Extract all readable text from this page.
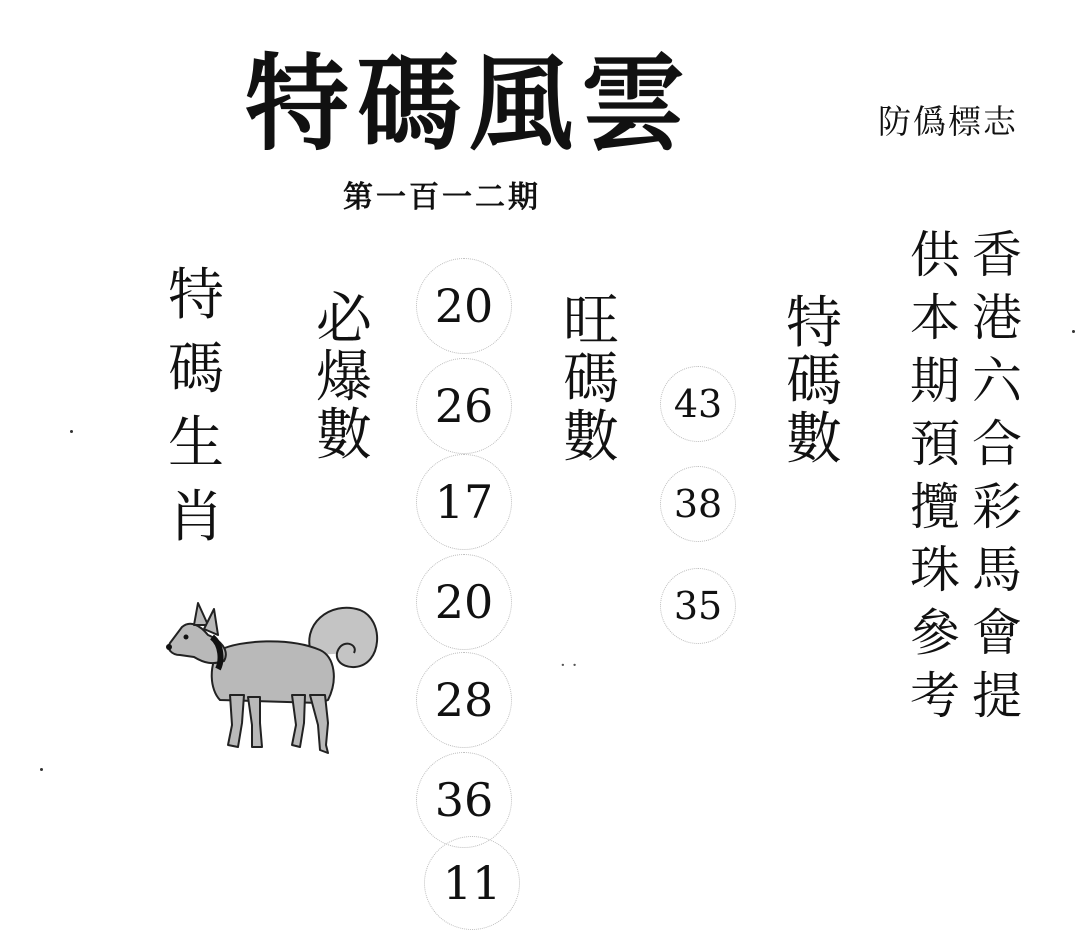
特碼風雲	防僞標志
第一百一二期
特
碼
生
肖
必
爆
數
20
26
17
20
28
36
11
旺
碼
數
··
43
38
35
特
碼
數
供 香
本 港
期 六
預 合
攬 彩
珠 馬
參 會
考 提
